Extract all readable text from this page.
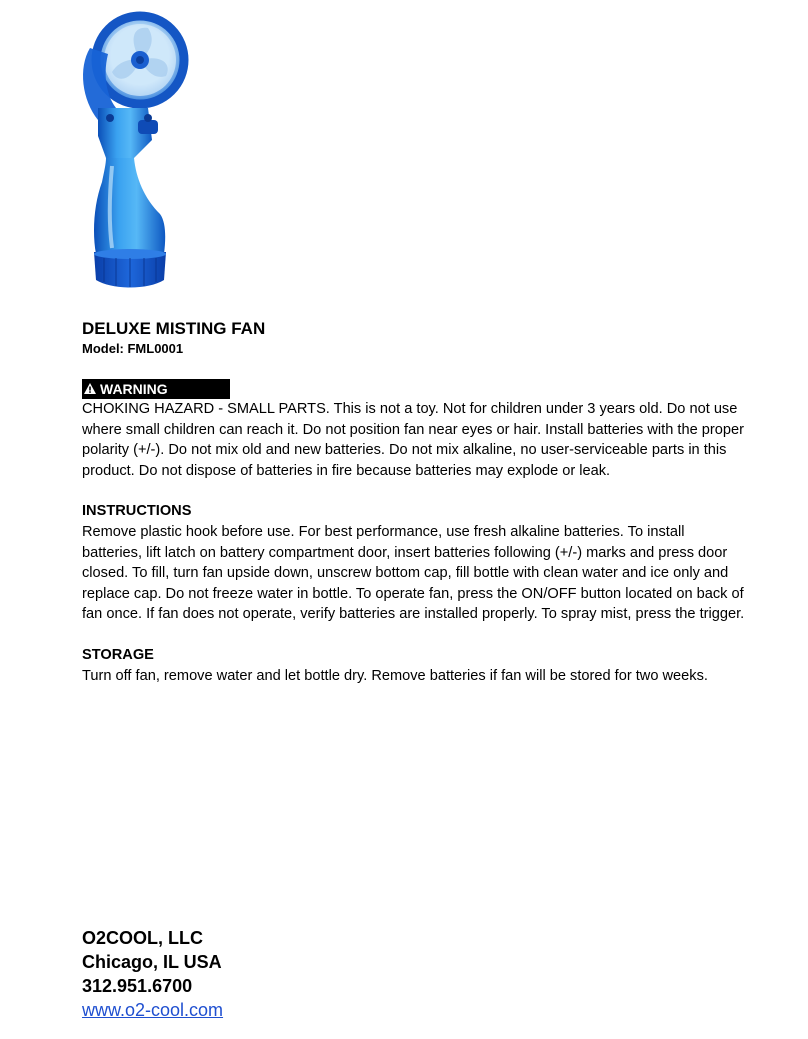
DELUXE MISTING FAN

Model: FML0001

WARNING

CHOKING HAZARD - SMALL PARTS. This is not a toy. Not for children under 3 years old. Do not use where small children can reach it. Do not position fan near eyes or hair. Install batteries with the proper polarity (+/-). Do not mix old and new batteries. Do not mix alkaline, no user-serviceable parts in this product. Do not dispose of batteries in fire because batteries may explode or leak.

INSTRUCTIONS

Remove plastic hook before use. For best performance, use fresh alkaline batteries. To install batteries, lift latch on battery compartment door, insert batteries following (+/-) marks and press door closed. To fill, turn fan upside down, unscrew bottom cap, fill bottle with clean water and ice only and replace cap. Do not freeze water in bottle. To operate fan, press the ON/OFF button located on back of fan once. If fan does not operate, verify batteries are installed properly. To spray mist, press the trigger.

STORAGE

Turn off fan, remove water and let bottle dry. Remove batteries if fan will be stored for two weeks.

O2COOL, LLC
Chicago, IL USA
312.951.6700
www.o2-cool.com
